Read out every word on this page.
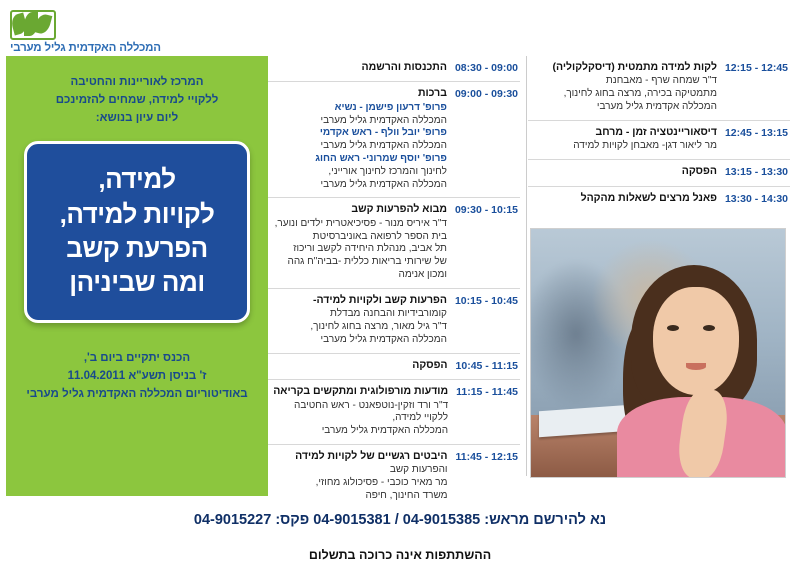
המכללה האקדמית גליל מערבי
12:15 - 12:45
לקות למידה מתמטית (דיסקלקוליה)
ד"ר שמחה שרף - מאבחנת
מתמטיקה בכירה, מרצה בחוג לחינוך,
המכללה אקדמית גליל מערבי
12:45 - 13:15
דיסאוריינטציה זמן - מרחב
מר ליאור דגן- מאבחן לקויות למידה
13:15 - 13:30
הפסקה
13:30 - 14:30
פאנל מרצים לשאלות מהקהל
08:30 - 09:00
התכנסות והרשמה
09:00 - 09:30
ברכות
פרופ' דרעון פישמן - נשיא
המכללה האקדמית גליל מערבי
פרופ' יובל וולף - ראש אקדמי
המכללה האקדמית גליל מערבי
פרופ' יוסף שמרוני- ראש החוג
לחינוך והמרכז לחינוך אורייני,
המכללה האקדמית גליל מערבי
09:30 - 10:15
מבוא להפרעות קשב
ד"ר איריס מנור - פסיכיאטרית ילדים ונוער,
בית הספר לרפואה באוניברסיטת
תל אביב, מנהלת היחידה לקשב וריכוז
של שירותי בריאות כללית -בביה"ח גהה
ומכון אנימה
10:15 - 10:45
הפרעות קשב ולקויות למידה-
קומורבידיות והבחנה מבדלת
ד"ר גיל מאור, מרצה בחוג לחינוך,
המכללה האקדמית גליל מערבי
10:45 - 11:15
הפסקה
11:15 - 11:45
מודעות מורפולוגית ומתקשים בקריאה
ד"ר ורד וזקין-נוטפאנט - ראש החטיבה
ללקויי למידה,
המכללה האקדמית גליל מערבי
11:45 - 12:15
היבטים רגשיים של לקויות למידה
והפרעות קשב
מר מאיר כוכבי - פסיכולוג מחוזי,
משרד החינוך, חיפה
המרכז לאוריינות והחטיבה
ללקויי למידה, שמחים להזמינכם
ליום עיון בנושא:
למידה,
לקויות למידה,
הפרעת קשב
ומה שביניהן
הכנס יתקיים ביום ב',
ז' בניסן תשע"א 11.04.2011
באודיטוריום המכללה האקדמית גליל מערבי
נא להירשם מראש: 04-9015385 / 04-9015381 פקס: 04-9015227
ההשתתפות אינה כרוכה בתשלום
